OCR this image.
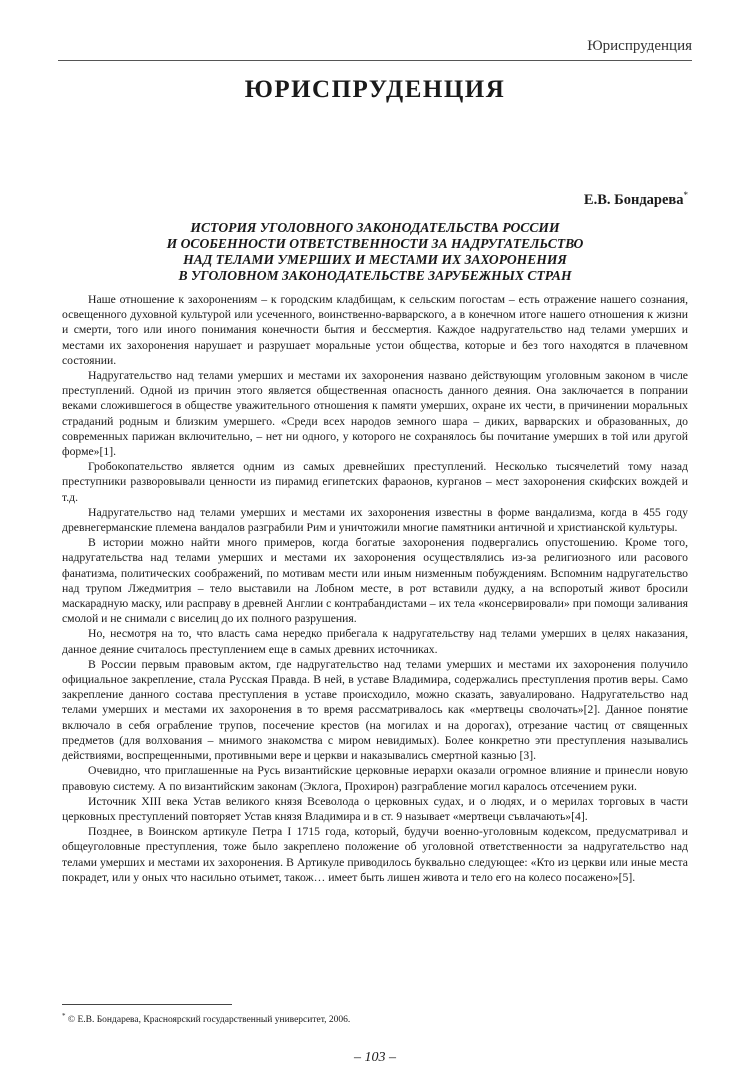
Юриспруденция
ЮРИСПРУДЕНЦИЯ
Е.В. Бондарева*
ИСТОРИЯ УГОЛОВНОГО ЗАКОНОДАТЕЛЬСТВА РОССИИ
И ОСОБЕННОСТИ ОТВЕТСТВЕННОСТИ ЗА НАДРУГАТЕЛЬСТВО
НАД ТЕЛАМИ УМЕРШИХ И МЕСТАМИ ИХ ЗАХОРОНЕНИЯ
В УГОЛОВНОМ ЗАКОНОДАТЕЛЬСТВЕ ЗАРУБЕЖНЫХ СТРАН

Наше отношение к захоронениям – к городским кладбищам, к сельским погостам – есть отражение нашего сознания, освещенного духовной культурой или усеченного, воинственно-варварского, а в конечном итоге нашего отношения к жизни и смерти, того или иного понимания конечности бытия и бессмертия. Каждое надругательство над телами умерших и местами их захоронения нарушает и разрушает моральные устои общества, которые и без того находятся в плачевном состоянии.

Надругательство над телами умерших и местами их захоронения названо действующим уголовным законом в числе преступлений. Одной из причин этого является общественная опасность данного деяния. Она заключается в попрании веками сложившегося в обществе уважительного отношения к памяти умерших, охране их чести, в причинении моральных страданий родным и близким умершего. «Среди всех народов земного шара – диких, варварских и образованных, до современных парижан включительно, – нет ни одного, у которого не сохранялось бы почитание умерших в той или другой форме»[1].

Гробокопательство является одним из самых древнейших преступлений. Несколько тысячелетий тому назад преступники разворовывали ценности из пирамид египетских фараонов, курганов – мест захоронения скифских вождей и т.д.

Надругательство над телами умерших и местами их захоронения известны в форме вандализма, когда в 455 году древнегерманские племена вандалов разграбили Рим и уничтожили многие памятники античной и христианской культуры.

В истории можно найти много примеров, когда богатые захоронения подвергались опустошению. Кроме того, надругательства над телами умерших и местами их захоронения осуществлялись из-за религиозного или расового фанатизма, политических соображений, по мотивам мести или иным низменным побуждениям. Вспомним надругательство над трупом Лжедмитрия – тело выставили на Лобном месте, в рот вставили дудку, а на вспоротый живот бросили маскарадную маску, или расправу в древней Англии с контрабандистами – их тела «консервировали» при помощи заливания смолой и не снимали с виселиц до их полного разрушения.

Но, несмотря на то, что власть сама нередко прибегала к надругательству над телами умерших в целях наказания, данное деяние считалось преступлением еще в самых древних источниках.

В России первым правовым актом, где надругательство над телами умерших и местами их захоронения получило официальное закрепление, стала Русская Правда. В ней, в уставе Владимира, содержались преступления против веры. Само закрепление данного состава преступления в уставе происходило, можно сказать, завуалировано. Надругательство над телами умерших и местами их захоронения в то время рассматривалось как «мертвецы сволочать»[2]. Данное понятие включало в себя ограбление трупов, посечение крестов (на могилах и на дорогах), отрезание частиц от священных предметов (для волхования – мнимого знакомства с миром невидимых). Более конкретно эти преступления назывались действиями, воспрещенными, противными вере и церкви и наказывались смертной казнью [3].

Очевидно, что приглашенные на Русь византийские церковные иерархи оказали огромное влияние и принесли новую правовую систему. А по византийским законам (Эклога, Прохирон) разграбление могил каралось отсечением руки.

Источник XIII века Устав великого князя Всеволода о церковных судах, и о людях, и о мерилах торговых в части церковных преступлений повторяет Устав князя Владимира и в ст. 9 называет «мертвеци съвлачають»[4].

Позднее, в Воинском артикуле Петра I 1715 года, который, будучи военно-уголовным кодексом, предусматривал и общеуголовные преступления, тоже было закреплено положение об уголовной ответственности за надругательство над телами умерших и местами их захоронения. В Артикуле приводилось буквально следующее: «Кто из церкви или иные места покрадет, или у оных что насильно отьимет, також… имеет быть лишен живота и тело его на колесо посажено»[5].

* © Е.В. Бондарева, Красноярский государственный университет, 2006.
– 103 –
